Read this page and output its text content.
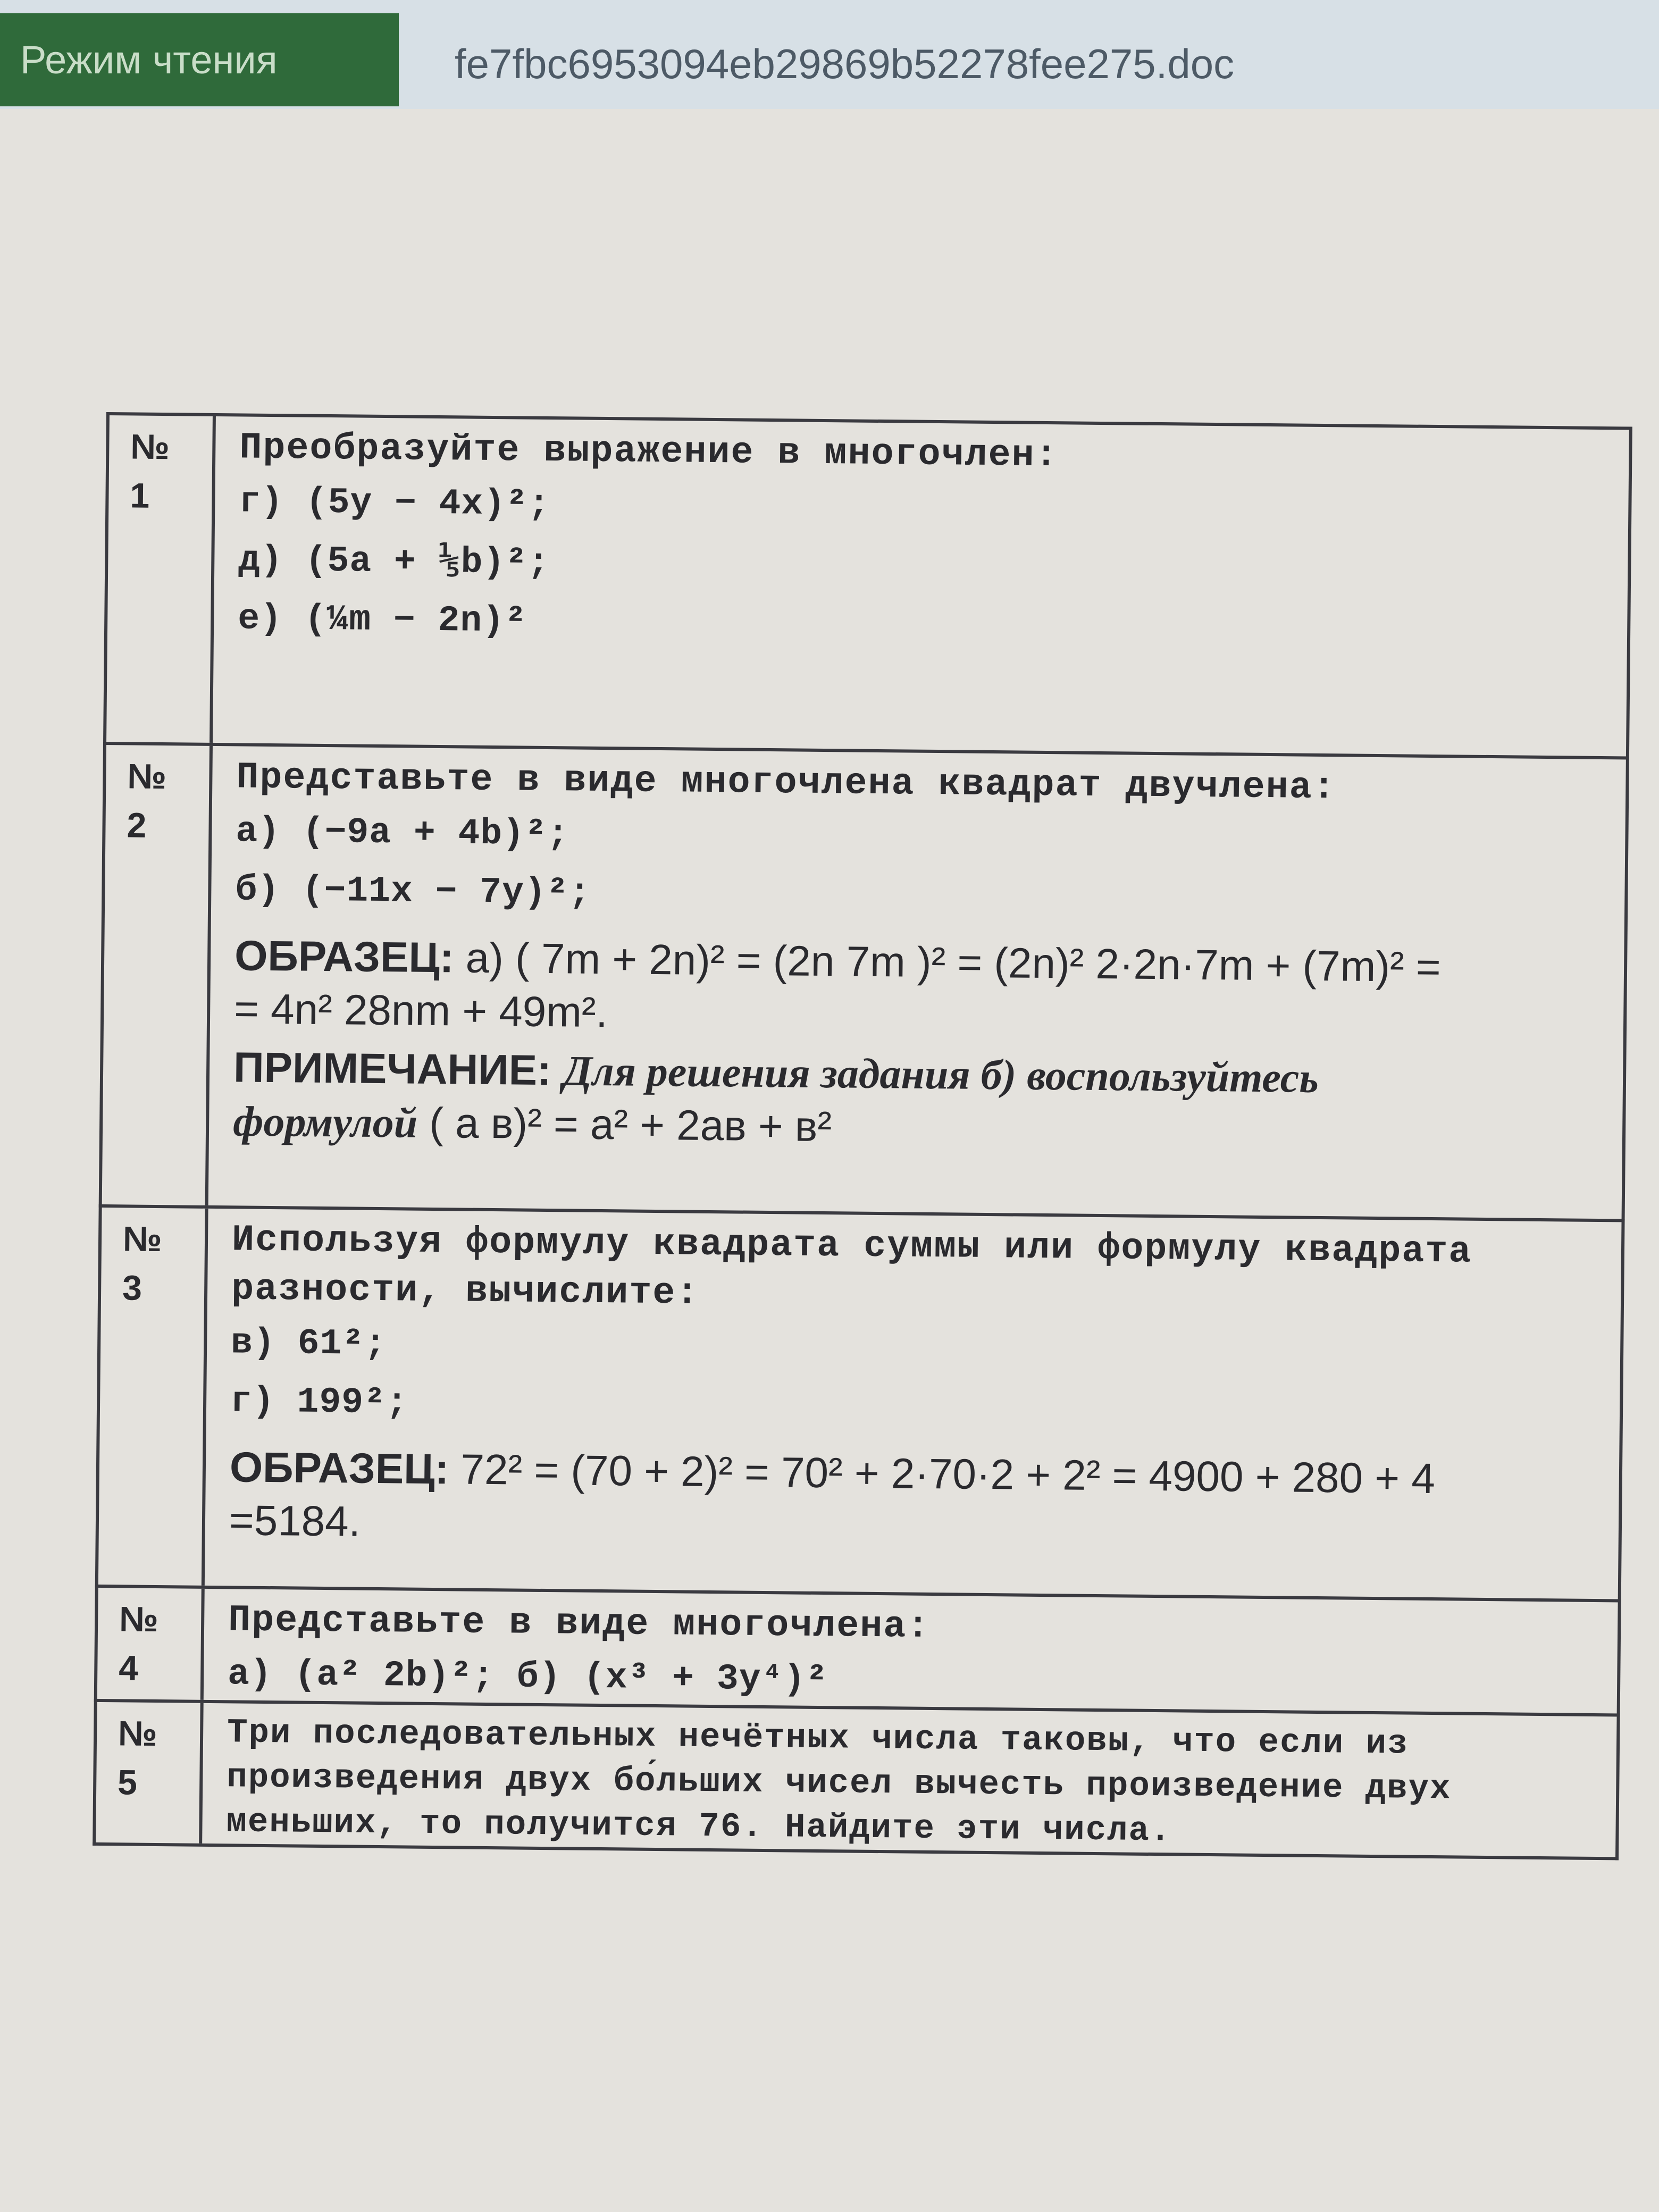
Режим чтения	fe7fbc6953094eb29869b52278fee275.doc
№
1
Преобразуйте выражение в многочлен:
г) (5y − 4x)²;
д) (5a + ⅕b)²;
е) (¼m − 2n)²
№
2
Представьте в виде многочлена квадрат двучлена:
а) (−9a + 4b)²;
б) (−11x − 7y)²;
ОБРАЗЕЦ: а) ( 7m + 2n)² = (2n 7m )² = (2n)² 2·2n·7m + (7m)² =
= 4n² 28nm + 49m².
ПРИМЕЧАНИЕ: Для решения задания б) воспользуйтесь
формулой ( а в)² = а² + 2ав + в²
№
3
Используя формулу квадрата суммы или формулу квадрата разности, вычислите:
в) 61²;
г) 199²;
ОБРАЗЕЦ: 72² = (70 + 2)² = 70² + 2·70·2 + 2² = 4900 + 280 + 4
=5184.
№
4
Представьте в виде многочлена:
а) (a² 2b)²; б) (x³ + 3y⁴)²
№
5
Три последовательных нечётных числа таковы, что если из произведения двух бо́льших чисел вычесть произведение двух меньших, то получится 76. Найдите эти числа.
